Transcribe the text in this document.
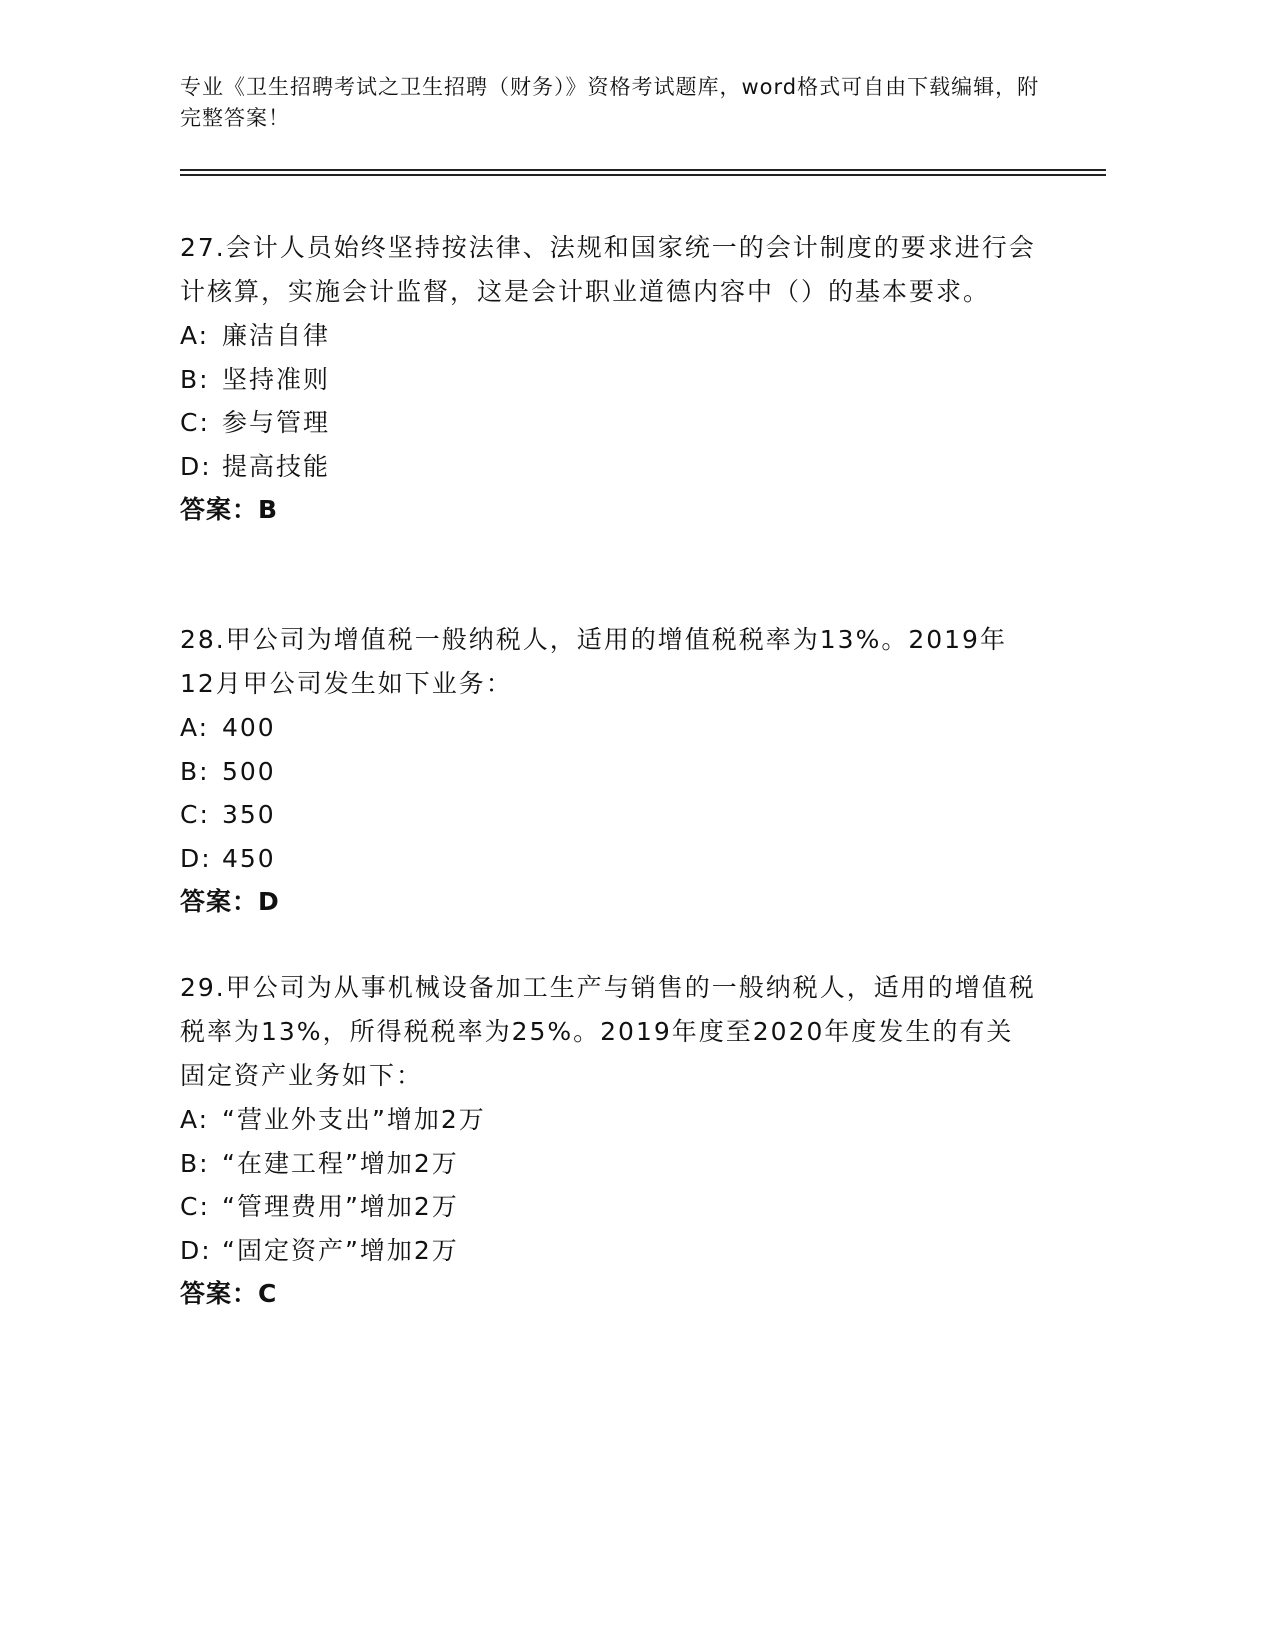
专业《卫生招聘考试之卫生招聘（财务）》资格考试题库，word格式可自由下载编辑，附完整答案！

27.会计人员始终坚持按法律、法规和国家统一的会计制度的要求进行会计核算，实施会计监督，这是会计职业道德内容中（）的基本要求。

A: 廉洁自律

B: 坚持准则

C: 参与管理

D: 提高技能

答案：B

28.甲公司为增值税一般纳税人，适用的增值税税率为13%。2019年12月甲公司发生如下业务：

A: 400

B: 500

C: 350

D: 450

答案：D

29.甲公司为从事机械设备加工生产与销售的一般纳税人，适用的增值税税率为13%，所得税税率为25%。2019年度至2020年度发生的有关固定资产业务如下：

A: “营业外支出”增加2万

B: “在建工程”增加2万

C: “管理费用”增加2万

D: “固定资产”增加2万

答案：C
